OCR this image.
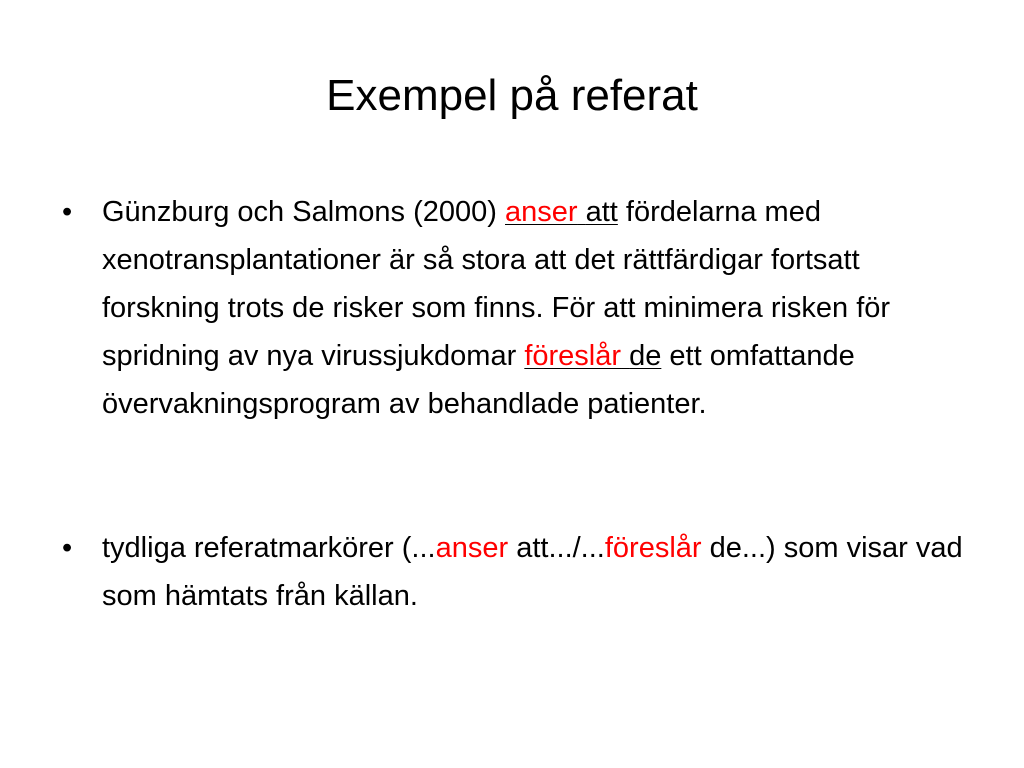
Exempel på referat
• Günzburg och Salmons (2000) anser att fördelarna med xenotransplantationer är så stora att det rättfärdigar fortsatt forskning trots de risker som finns. För att minimera risken för spridning av nya virussjukdomar föreslår de ett omfattande övervakningsprogram av behandlade patienter.
• tydliga referatmarkörer (...anser att.../...föreslår de...) som visar vad som hämtats från källan.
